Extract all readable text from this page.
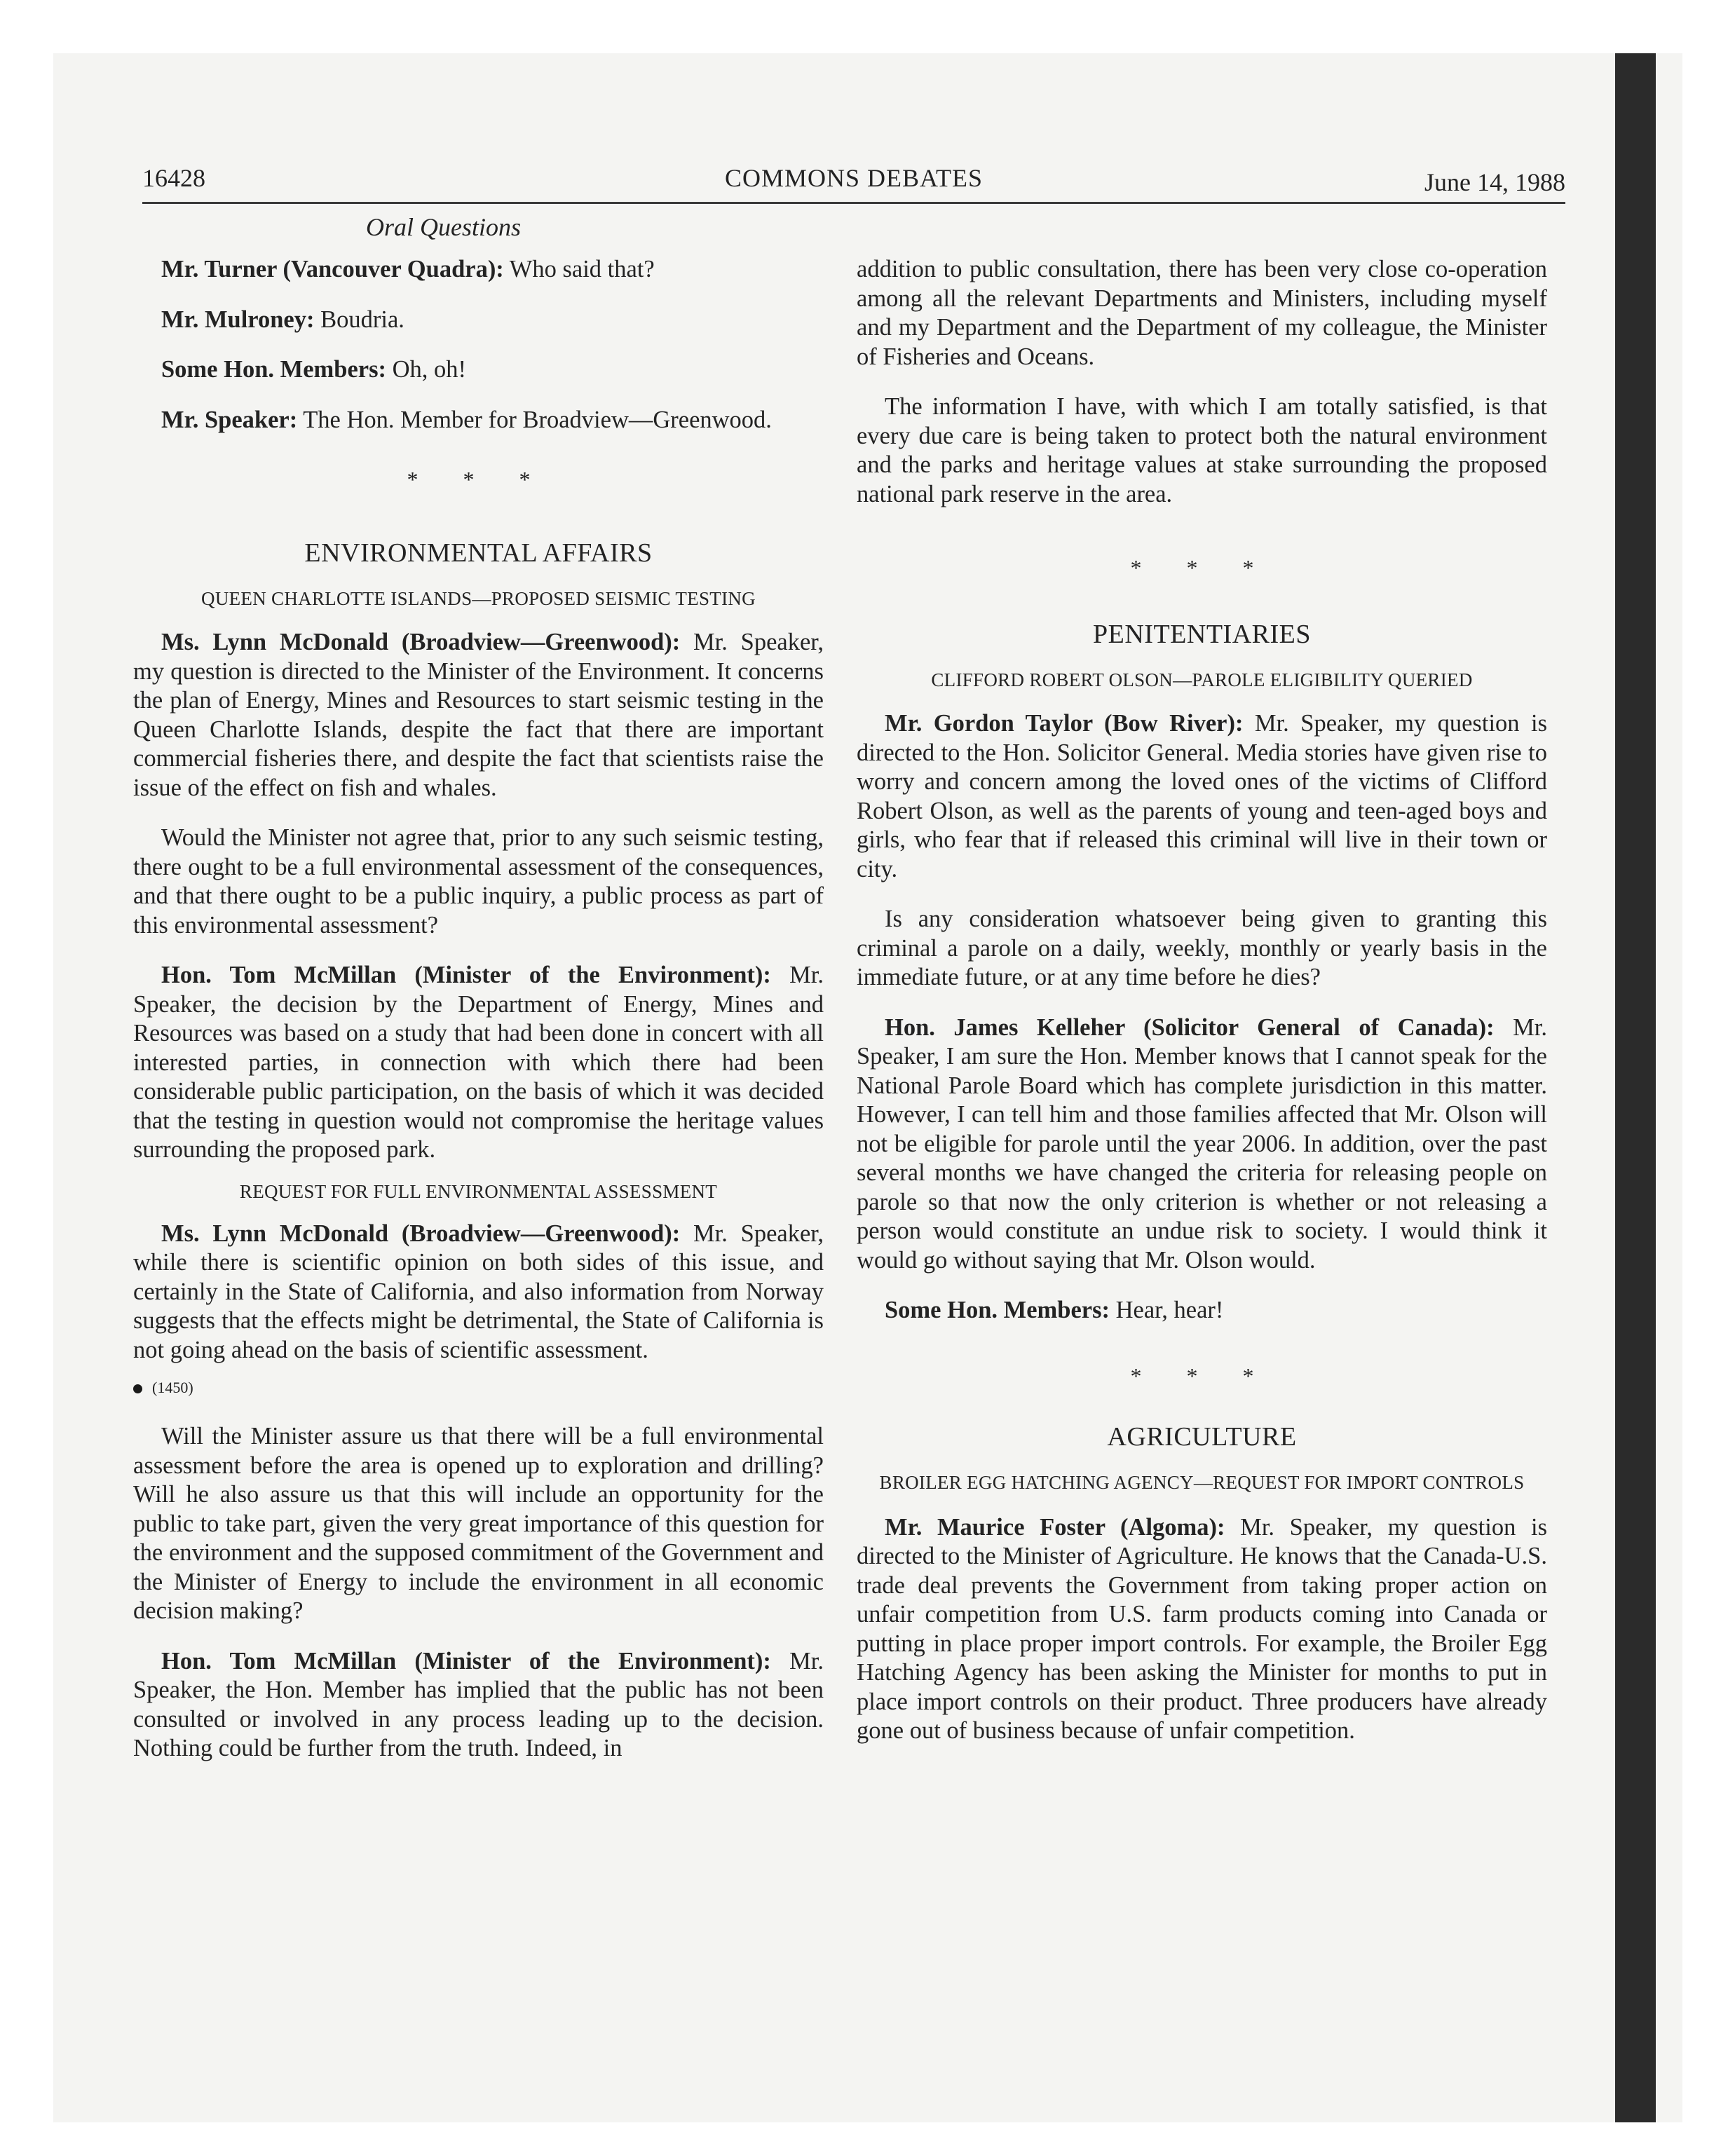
16428	COMMONS DEBATES	June 14, 1988
Oral Questions

Mr. Turner (Vancouver Quadra): Who said that?

Mr. Mulroney: Boudria.

Some Hon. Members: Oh, oh!

Mr. Speaker: The Hon. Member for Broadview—Greenwood.

* * *
ENVIRONMENTAL AFFAIRS
QUEEN CHARLOTTE ISLANDS—PROPOSED SEISMIC TESTING

Ms. Lynn McDonald (Broadview—Greenwood): Mr. Speaker, my question is directed to the Minister of the Environment. It concerns the plan of Energy, Mines and Resources to start seismic testing in the Queen Charlotte Islands, despite the fact that there are important commercial fisheries there, and despite the fact that scientists raise the issue of the effect on fish and whales.

Would the Minister not agree that, prior to any such seismic testing, there ought to be a full environmental assessment of the consequences, and that there ought to be a public inquiry, a public process as part of this environmental assessment?

Hon. Tom McMillan (Minister of the Environment): Mr. Speaker, the decision by the Department of Energy, Mines and Resources was based on a study that had been done in concert with all interested parties, in connection with which there had been considerable public participation, on the basis of which it was decided that the testing in question would not compromise the heritage values surrounding the proposed park.

REQUEST FOR FULL ENVIRONMENTAL ASSESSMENT

Ms. Lynn McDonald (Broadview—Greenwood): Mr. Speaker, while there is scientific opinion on both sides of this issue, and certainly in the State of California, and also information from Norway suggests that the effects might be detrimental, the State of California is not going ahead on the basis of scientific assessment.

(1450)

Will the Minister assure us that there will be a full environmental assessment before the area is opened up to exploration and drilling? Will he also assure us that this will include an opportunity for the public to take part, given the very great importance of this question for the environment and the supposed commitment of the Government and the Minister of Energy to include the environment in all economic decision making?

Hon. Tom McMillan (Minister of the Environment): Mr. Speaker, the Hon. Member has implied that the public has not been consulted or involved in any process leading up to the decision. Nothing could be further from the truth. Indeed, in

addition to public consultation, there has been very close co-operation among all the relevant Departments and Ministers, including myself and my Department and the Department of my colleague, the Minister of Fisheries and Oceans.

The information I have, with which I am totally satisfied, is that every due care is being taken to protect both the natural environment and the parks and heritage values at stake surrounding the proposed national park reserve in the area.

* * *
PENITENTIARIES
CLIFFORD ROBERT OLSON—PAROLE ELIGIBILITY QUERIED

Mr. Gordon Taylor (Bow River): Mr. Speaker, my question is directed to the Hon. Solicitor General. Media stories have given rise to worry and concern among the loved ones of the victims of Clifford Robert Olson, as well as the parents of young and teen-aged boys and girls, who fear that if released this criminal will live in their town or city.

Is any consideration whatsoever being given to granting this criminal a parole on a daily, weekly, monthly or yearly basis in the immediate future, or at any time before he dies?

Hon. James Kelleher (Solicitor General of Canada): Mr. Speaker, I am sure the Hon. Member knows that I cannot speak for the National Parole Board which has complete jurisdiction in this matter. However, I can tell him and those families affected that Mr. Olson will not be eligible for parole until the year 2006. In addition, over the past several months we have changed the criteria for releasing people on parole so that now the only criterion is whether or not releasing a person would constitute an undue risk to society. I would think it would go without saying that Mr. Olson would.

Some Hon. Members: Hear, hear!

* * *
AGRICULTURE
BROILER EGG HATCHING AGENCY—REQUEST FOR IMPORT CONTROLS

Mr. Maurice Foster (Algoma): Mr. Speaker, my question is directed to the Minister of Agriculture. He knows that the Canada-U.S. trade deal prevents the Government from taking proper action on unfair competition from U.S. farm products coming into Canada or putting in place proper import controls. For example, the Broiler Egg Hatching Agency has been asking the Minister for months to put in place import controls on their product. Three producers have already gone out of business because of unfair competition.
